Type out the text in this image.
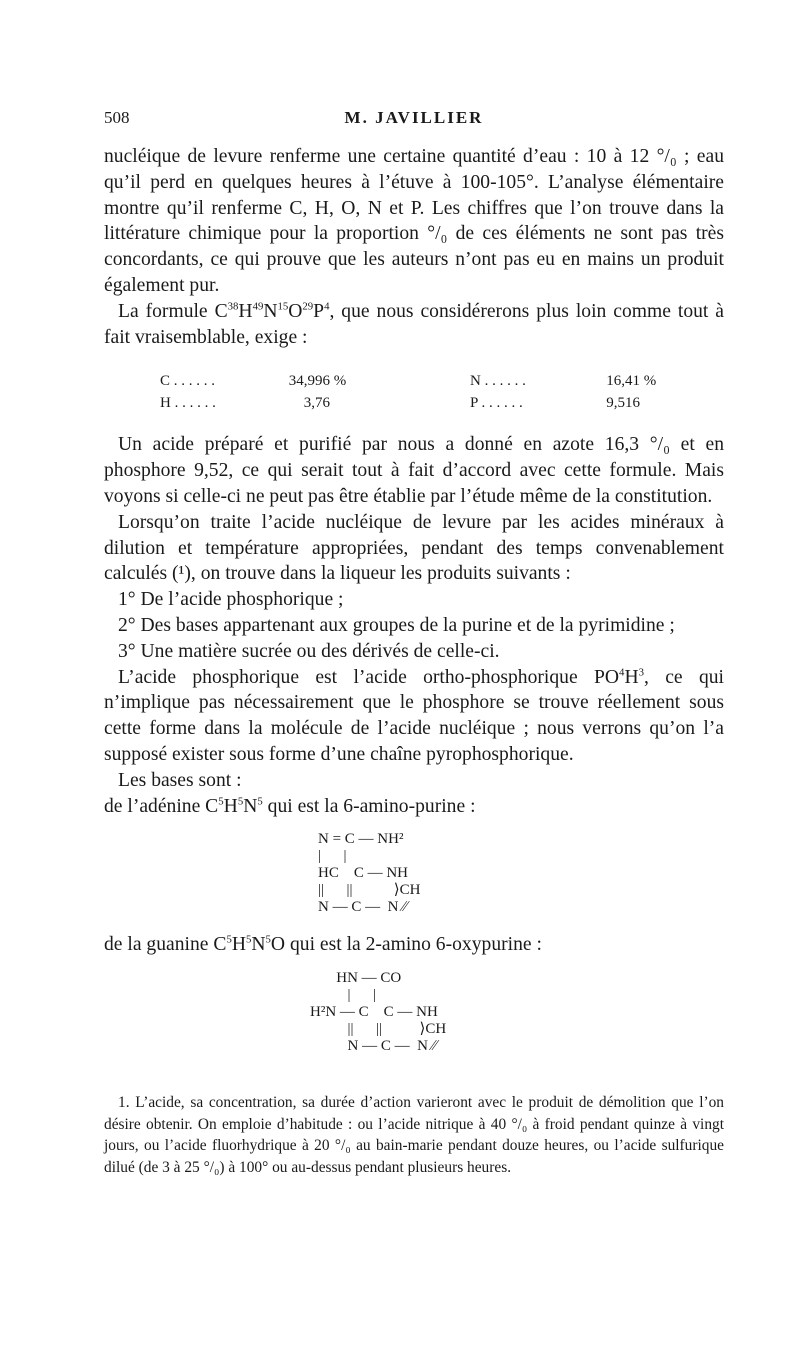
508	M. JAVILLIER

nucléique de levure renferme une certaine quantité d’eau : 10 à 12 °/₀ ; eau qu’il perd en quelques heures à l’étuve à 100-105°. L’analyse élémentaire montre qu’il renferme C, H, O, N et P. Les chiffres que l’on trouve dans la littérature chimique pour la proportion °/₀ de ces éléments ne sont pas très concordants, ce qui prouve que les auteurs n’ont pas eu en mains un produit également pur.

La formule $C^{38}H^{49}N^{15}O^{29}P^4$, que nous considérerons plus loin comme tout à fait vraisemblable, exige :

C . . . . . .	34,996 %	N . . . . . .	16,41 %
H . . . . . .	3,76	P . . . . . .	9,516

Un acide préparé et purifié par nous a donné en azote 16,3 °/₀ et en phosphore 9,52, ce qui serait tout à fait d’accord avec cette formule. Mais voyons si celle-ci ne peut pas être établie par l’étude même de la constitution.

Lorsqu’on traite l’acide nucléique de levure par les acides minéraux à dilution et température appropriées, pendant des temps convenablement calculés (¹), on trouve dans la liqueur les produits suivants :

1° De l’acide phosphorique ;

2° Des bases appartenant aux groupes de la purine et de la pyrimidine ;

3° Une matière sucrée ou des dérivés de celle-ci.

L’acide phosphorique est l’acide ortho-phosphorique $PO^4H^3$, ce qui n’implique pas nécessairement que le phosphore se trouve réellement sous cette forme dans la molécule de l’acide nucléique ; nous verrons qu’on l’a supposé exister sous forme d’une chaîne pyrophosphorique.

Les bases sont :

de l’adénine $C^5H^5N^5$ qui est la 6-amino-purine :

N = C — NH²
|      |
HC    C — NH
||      ||           ⟩CH
N — C —  N ∕∕

de la guanine $C^5H^5N^5O$ qui est la 2-amino 6-oxypurine :

HN — CO
|      |
H²N — C    C — NH
||      ||          ⟩CH
N — C —  N ∕∕
1. L’acide, sa concentration, sa durée d’action varieront avec le produit de démolition que l’on désire obtenir. On emploie d’habitude : ou l’acide nitrique à 40 °/₀ à froid pendant quinze à vingt jours, ou l’acide fluorhydrique à 20 °/₀ au bain-marie pendant douze heures, ou l’acide sulfurique dilué (de 3 à 25 °/₀) à 100° ou au-dessus pendant plusieurs heures.
